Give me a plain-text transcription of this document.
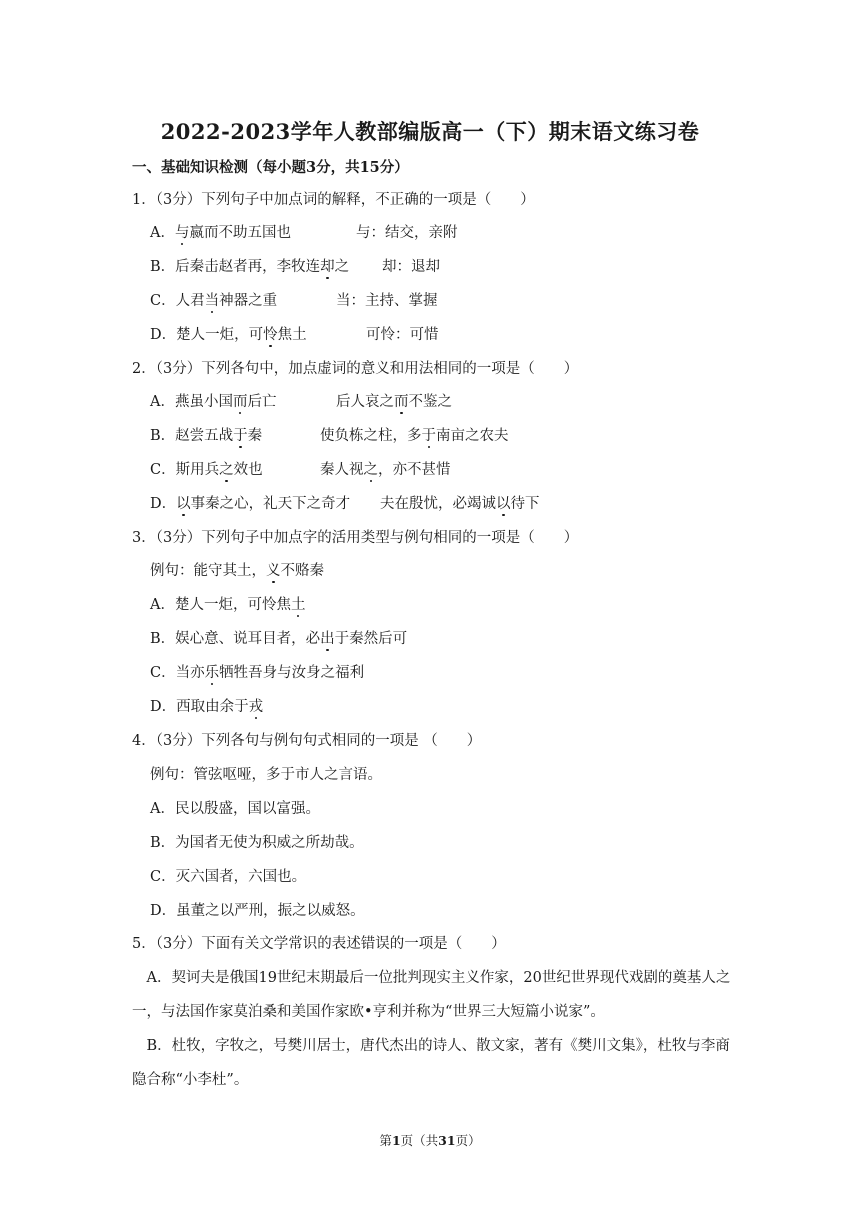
2022-2023学年人教部编版高一（下）期末语文练习卷
一、基础知识检测（每小题3分，共15分）
1．（3分）下列句子中加点词的解释，不正确的一项是（　　）
A．与嬴而不助五国也	与：结交，亲附
B．后秦击赵者再，李牧连却之 却：退却
C．人君当神器之重	当：主持、掌握
D．楚人一炬，可怜焦土	可怜：可惜
2．（3分）下列各句中，加点虚词的意义和用法相同的一项是（　　）
A．燕虽小国而后亡	后人哀之而不鉴之
B．赵尝五战于秦	使负栋之柱，多于南亩之农夫
C．斯用兵之效也	秦人视之，亦不甚惜
D．以事秦之心，礼天下之奇才 夫在殷忧，必竭诚以待下
3．（3分）下列句子中加点字的活用类型与例句相同的一项是（　　）
例句：能守其土，义不赂秦
A．楚人一炬，可怜焦土
B．娱心意、说耳目者，必出于秦然后可
C．当亦乐牺牲吾身与汝身之福利
D．西取由余于戎
4．（3分）下列各句与例句句式相同的一项是 （　　）
例句：管弦呕哑，多于市人之言语。
A．民以殷盛，国以富强。
B．为国者无使为积威之所劫哉。
C．灭六国者，六国也。
D．虽董之以严刑，振之以威怒。
5．（3分）下面有关文学常识的表述错误的一项是（　　）
　A．契诃夫是俄国19世纪末期最后一位批判现实主义作家，20世纪世界现代戏剧的奠基人之一，与法国作家莫泊桑和美国作家欧•亨利并称为“世界三大短篇小说家”。
　B．杜牧，字牧之，号樊川居士，唐代杰出的诗人、散文家，著有《樊川文集》，杜牧与李商隐合称“小李杜”。
第1页（共31页）
